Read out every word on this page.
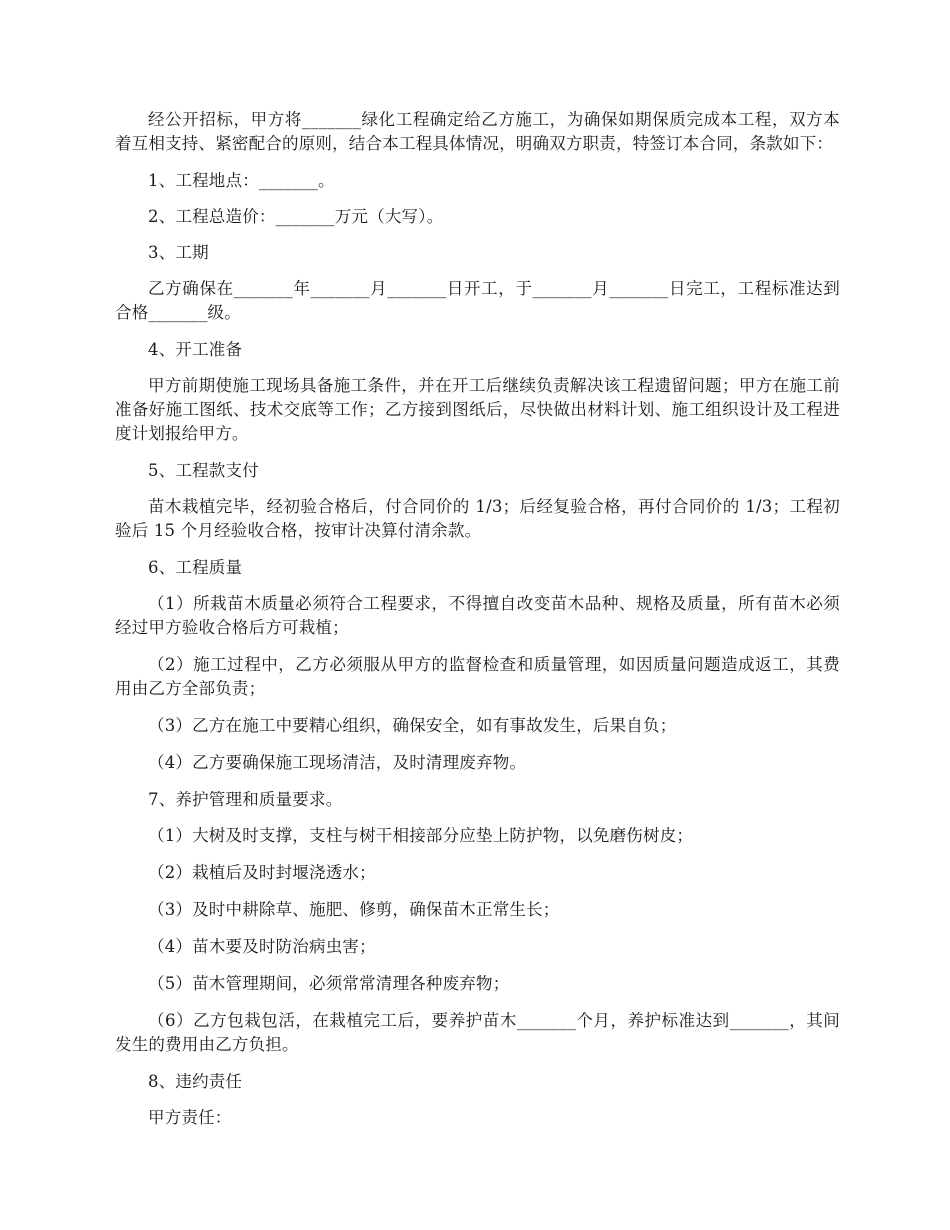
经公开招标，甲方将_______绿化工程确定给乙方施工，为确保如期保质完成本工程，双方本着互相支持、紧密配合的原则，结合本工程具体情况，明确双方职责，特签订本合同，条款如下：

1、工程地点：_______。

2、工程总造价：_______万元（大写）。

3、工期

乙方确保在_______年_______月_______日开工，于_______月_______日完工，工程标准达到合格_______级。

4、开工准备

甲方前期使施工现场具备施工条件，并在开工后继续负责解决该工程遗留问题；甲方在施工前准备好施工图纸、技术交底等工作；乙方接到图纸后，尽快做出材料计划、施工组织设计及工程进度计划报给甲方。

5、工程款支付

苗木栽植完毕，经初验合格后，付合同价的 1/3；后经复验合格，再付合同价的 1/3；工程初验后 15 个月经验收合格，按审计决算付清余款。

6、工程质量

（1）所栽苗木质量必须符合工程要求，不得擅自改变苗木品种、规格及质量，所有苗木必须经过甲方验收合格后方可栽植；

（2）施工过程中，乙方必须服从甲方的监督检查和质量管理，如因质量问题造成返工，其费用由乙方全部负责；

（3）乙方在施工中要精心组织，确保安全，如有事故发生，后果自负；

（4）乙方要确保施工现场清洁，及时清理废弃物。

7、养护管理和质量要求。

（1）大树及时支撑，支柱与树干相接部分应垫上防护物，以免磨伤树皮；

（2）栽植后及时封堰浇透水；

（3）及时中耕除草、施肥、修剪，确保苗木正常生长；

（4）苗木要及时防治病虫害；

（5）苗木管理期间，必须常常清理各种废弃物；

（6）乙方包栽包活，在栽植完工后，要养护苗木_______个月，养护标准达到_______，其间发生的费用由乙方负担。

8、违约责任

甲方责任：
